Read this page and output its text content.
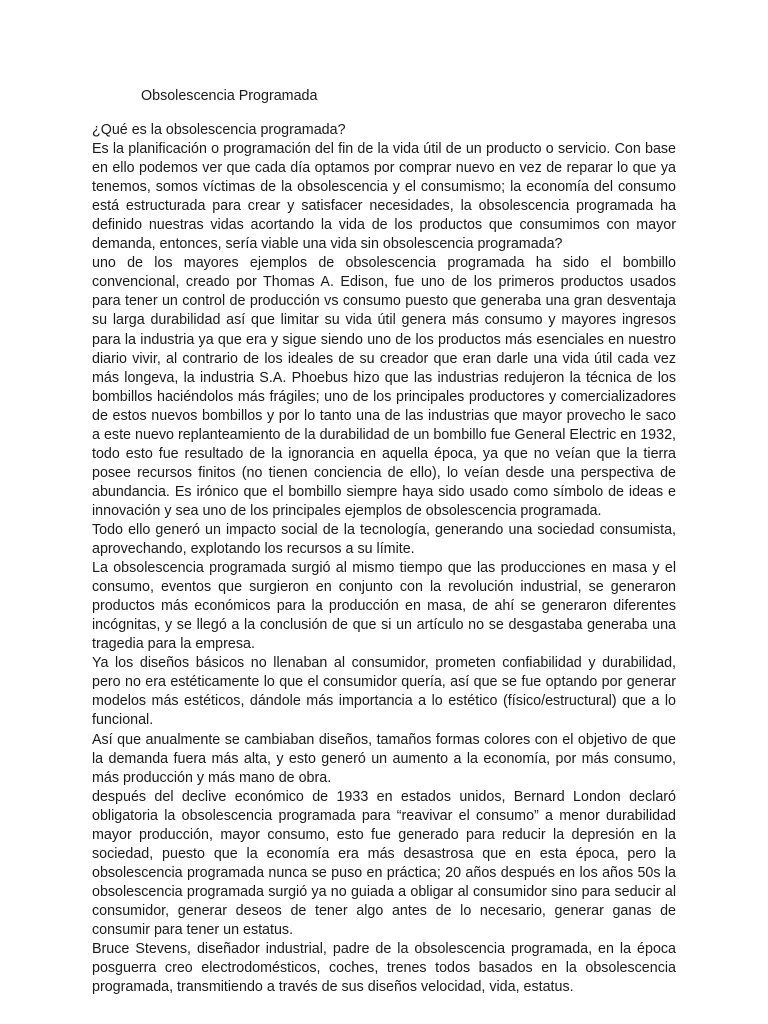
Obsolescencia Programada

¿Qué es la obsolescencia programada?

Es la planificación o programación del fin de la vida útil de un producto o servicio. Con base en ello podemos ver que cada día optamos por comprar nuevo en vez de reparar lo que ya tenemos, somos víctimas de la obsolescencia y el consumismo; la economía del consumo está estructurada para crear y satisfacer necesidades, la obsolescencia programada ha definido nuestras vidas acortando la vida de los productos que consumimos con mayor demanda, entonces, sería viable una vida sin obsolescencia programada?

uno de los mayores ejemplos de obsolescencia programada ha sido el bombillo convencional, creado por Thomas A. Edison, fue uno de los primeros productos usados para tener un control de producción vs consumo puesto que generaba una gran desventaja su larga durabilidad así que limitar su vida útil genera más consumo y mayores ingresos para la industria ya que era y sigue siendo uno de los productos más esenciales en nuestro diario vivir, al contrario de los ideales de su creador que eran darle una vida útil cada vez más longeva, la industria S.A. Phoebus hizo que las industrias redujeron la técnica de los bombillos haciéndolos más frágiles; uno de los principales productores y comercializadores de estos nuevos bombillos y por lo tanto una de las industrias que mayor provecho le saco a este nuevo replanteamiento de la durabilidad de un bombillo fue General Electric en 1932, todo esto fue resultado de la ignorancia en aquella época, ya que no veían que la tierra posee recursos finitos (no tienen conciencia de ello), lo veían desde una perspectiva de abundancia. Es irónico que el bombillo siempre haya sido usado como símbolo de ideas e innovación y sea uno de los principales ejemplos de obsolescencia programada.

Todo ello generó un impacto social de la tecnología, generando una sociedad consumista, aprovechando, explotando los recursos a su límite.

La obsolescencia programada surgió al mismo tiempo que las producciones en masa y el consumo, eventos que surgieron en conjunto con la revolución industrial, se generaron productos más económicos para la producción en masa, de ahí se generaron diferentes incógnitas, y se llegó a la conclusión de que si un artículo no se desgastaba generaba una tragedia para la empresa.

Ya los diseños básicos no llenaban al consumidor, prometen confiabilidad y durabilidad, pero no era estéticamente lo que el consumidor quería, así que se fue optando por generar modelos más estéticos, dándole más importancia a lo estético (físico/estructural) que a lo funcional.

Así que anualmente se cambiaban diseños, tamaños formas colores con el objetivo de que la demanda fuera más alta, y esto generó un aumento a la economía, por más consumo, más producción y más mano de obra.

después del declive económico de 1933 en estados unidos, Bernard London declaró obligatoria la obsolescencia programada para “reavivar el consumo” a menor durabilidad mayor producción, mayor consumo, esto fue generado para reducir la depresión en la sociedad, puesto que la economía era más desastrosa que en esta época, pero la obsolescencia programada nunca se puso en práctica; 20 años después en los años 50s la obsolescencia programada surgió ya no guiada a obligar al consumidor sino para seducir al consumidor, generar deseos de tener algo antes de lo necesario, generar ganas de consumir para tener un estatus.

Bruce Stevens, diseñador industrial, padre de la obsolescencia programada, en la época posguerra creo electrodomésticos, coches, trenes todos basados en la obsolescencia programada, transmitiendo a través de sus diseños velocidad, vida, estatus.
